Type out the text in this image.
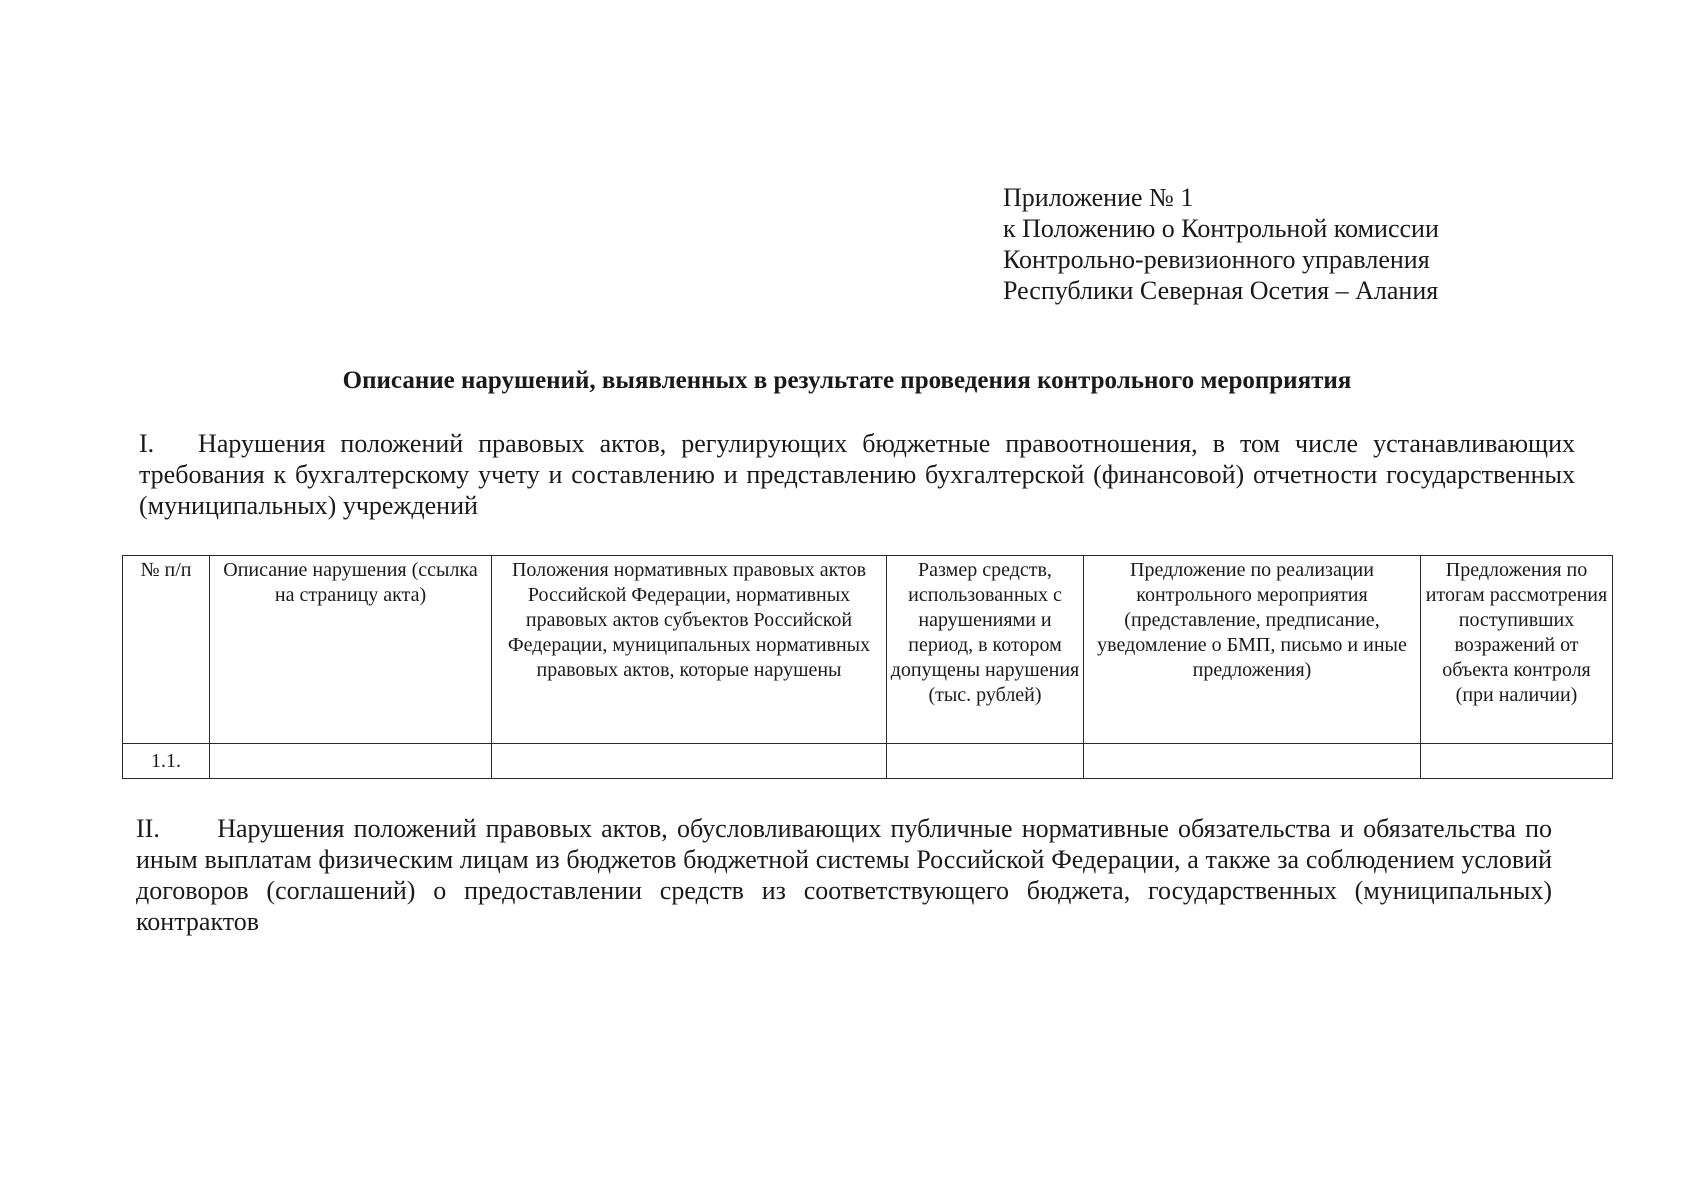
Приложение № 1
к Положению о Контрольной комиссии
Контрольно-ревизионного управления
Республики Северная Осетия – Алания
Описание нарушений, выявленных в результате проведения контрольного мероприятия
I. Нарушения положений правовых актов, регулирующих бюджетные правоотношения, в том числе устанавливающих требования к бухгалтерскому учету и составлению и представлению бухгалтерской (финансовой) отчетности государственных (муниципальных) учреждений
№ п/п	Описание нарушения (ссылка на страницу акта)	Положения нормативных правовых актов Российской Федерации, нормативных правовых актов субъектов Российской Федерации, муниципальных нормативных правовых актов, которые нарушены	Размер средств, использованных с нарушениями и период, в котором допущены нарушения (тыс. рублей)	Предложение по реализации контрольного мероприятия (представление, предписание, уведомление о БМП, письмо и иные предложения)	Предложения по итогам рассмотрения поступивших возражений от объекта контроля (при наличии)
1.1.					
II. Нарушения положений правовых актов, обусловливающих публичные нормативные обязательства и обязательства по иным выплатам физическим лицам из бюджетов бюджетной системы Российской Федерации, а также за соблюдением условий договоров (соглашений) о предоставлении средств из соответствующего бюджета, государственных (муниципальных) контрактов
